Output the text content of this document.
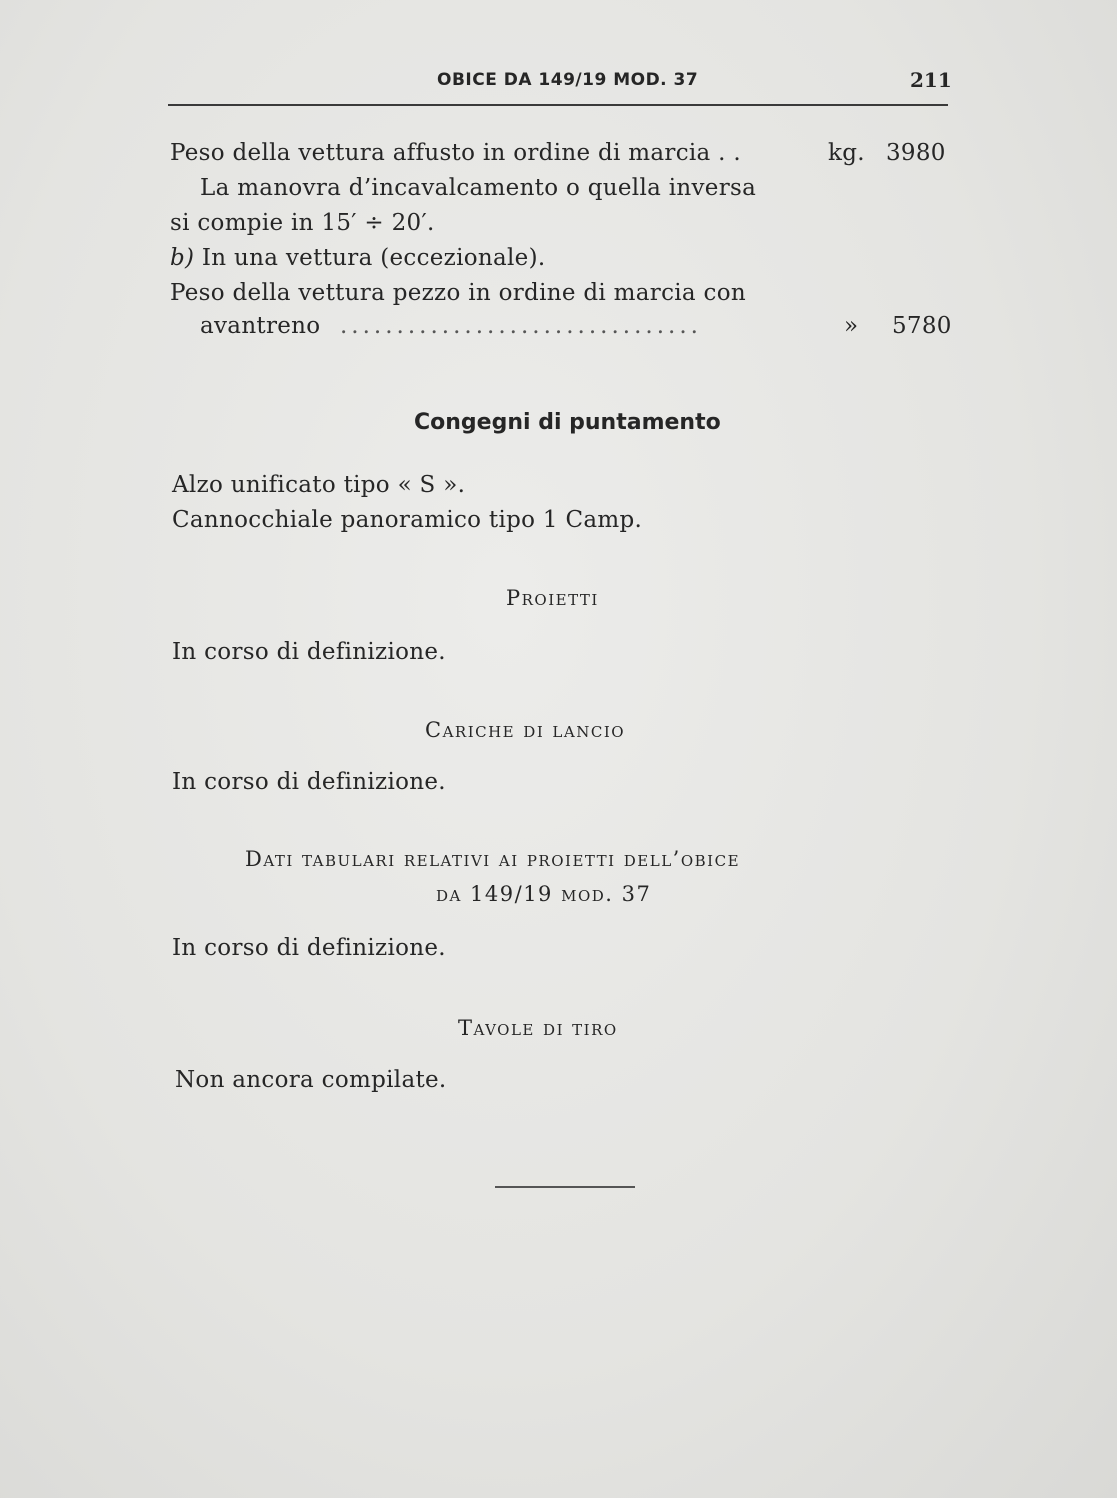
OBICE DA 149/19 MOD. 37	211
Peso della vettura affusto in ordine di marcia . .	kg. 3980
La manovra d’incavalcamento o quella inversa
si compie in 15′ ÷ 20′.
b) In una vettura (eccezionale).
Peso della vettura pezzo in ordine di marcia con
avantreno ................................	» 5780
Congegni di puntamento
Alzo unificato tipo « S ».
Cannocchiale panoramico tipo 1 Camp.
Proietti
In corso di definizione.
Cariche di lancio
In corso di definizione.
Dati tabulari relativi ai proietti dell’obice
da 149/19 mod. 37
In corso di definizione.
Tavole di tiro
Non ancora compilate.
